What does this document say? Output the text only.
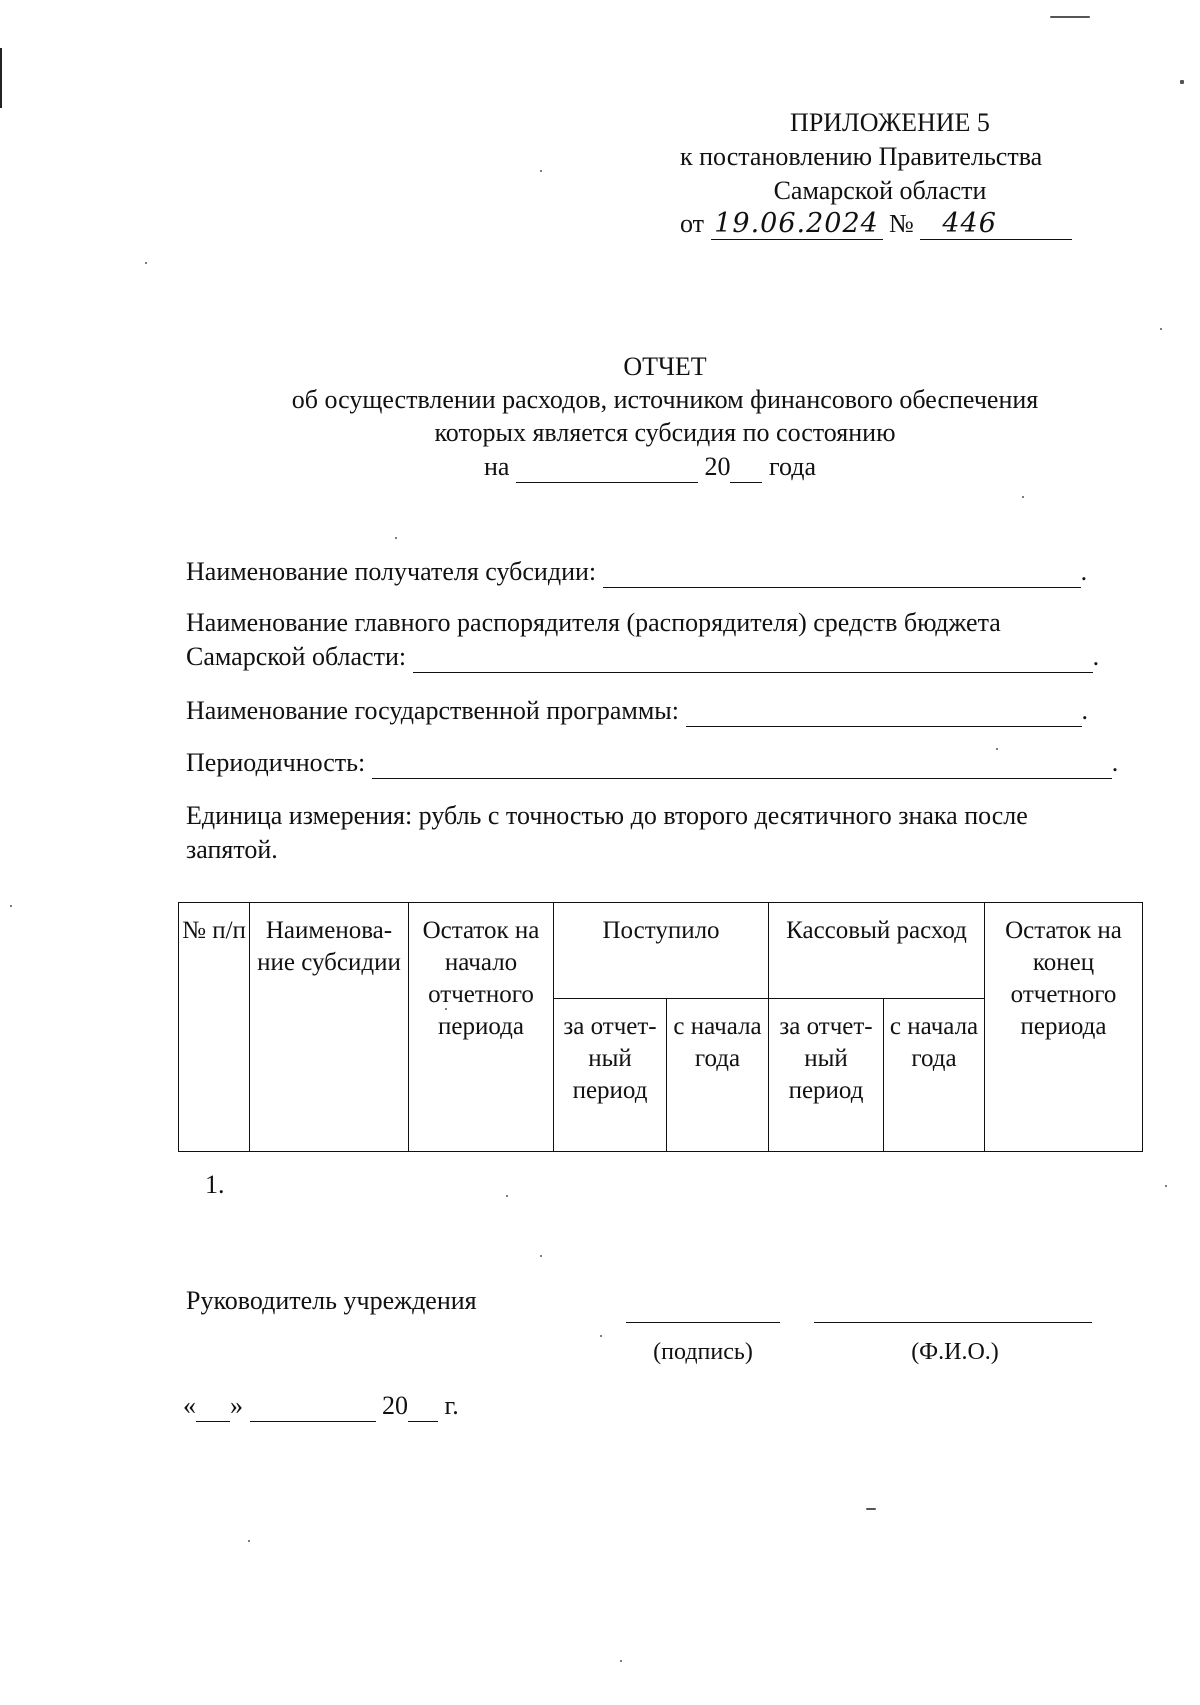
ПРИЛОЖЕНИЕ 5
к постановлению Правительства
Самарской области
от 19.06.2024 № 446
ОТЧЕТ
об осуществлении расходов, источником финансового обеспечения
которых является субсидия по состоянию
на	20 года
Наименование получателя субсидии:	.
Наименование главного распорядителя (распорядителя) средств бюджета
Самарской области:	.
Наименование государственной программы:	.
Периодичность:	.
Единица измерения: рубль с точностью до второго десятичного знака после
запятой.
№ п/п	Наименова- ние субсидии	Остаток на начало отчетного периода	Поступило		Кассовый расход		Остаток на конец отчетного периода
			за отчет- ный период	с начала года	за отчет- ный период	с начала года	
1.
Руководитель учреждения
(подпись)	(Ф.И.О.)
« »	20 г.
